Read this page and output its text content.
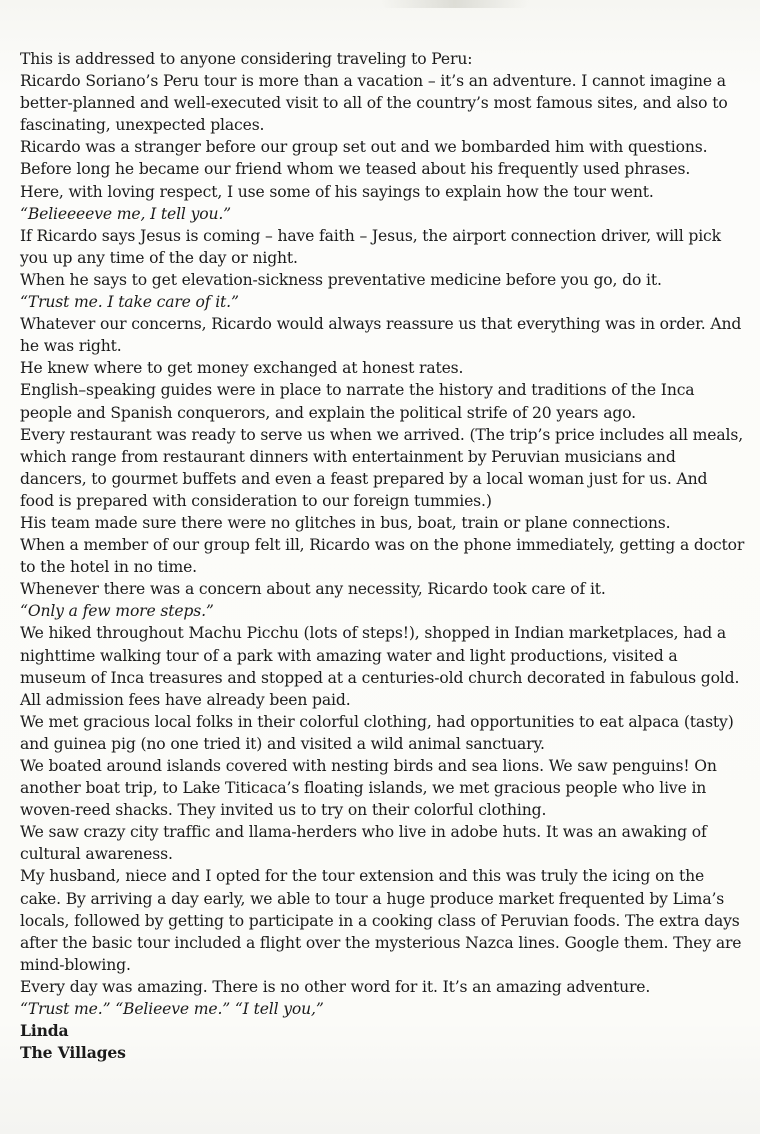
This is addressed to anyone considering traveling to Peru:

Ricardo Soriano’s Peru tour is more than a vacation – it’s an adventure. I cannot imagine a better-planned and well-executed visit to all of the country’s most famous sites, and also to fascinating, unexpected places.

Ricardo was a stranger before our group set out and we bombarded him with questions. Before long he became our friend whom we teased about his frequently used phrases.

Here, with loving respect, I use some of his sayings to explain how the tour went.

“Belieeeeve me, I tell you.”

If Ricardo says Jesus is coming – have faith – Jesus, the airport connection driver, will pick you up any time of the day or night.

When he says to get elevation-sickness preventative medicine before you go, do it.

“Trust me. I take care of it.”

Whatever our concerns, Ricardo would always reassure us that everything was in order. And he was right.

He knew where to get money exchanged at honest rates.

English–speaking guides were in place to narrate the history and traditions of the Inca people and Spanish conquerors, and explain the political strife of 20 years ago.

Every restaurant was ready to serve us when we arrived. (The trip’s price includes all meals, which range from restaurant dinners with entertainment by Peruvian musicians and dancers, to gourmet buffets and even a feast prepared by a local woman just for us. And food is prepared with consideration to our foreign tummies.)

His team made sure there were no glitches in bus, boat, train or plane connections.

When a member of our group felt ill, Ricardo was on the phone immediately, getting a doctor to the hotel in no time.

Whenever there was a concern about any necessity, Ricardo took care of it.

“Only a few more steps.”

We hiked throughout Machu Picchu (lots of steps!), shopped in Indian marketplaces, had a nighttime walking tour of a park with amazing water and light productions, visited a museum of Inca treasures and stopped at a centuries-old church decorated in fabulous gold. All admission fees have already been paid.

We met gracious local folks in their colorful clothing, had opportunities to eat alpaca (tasty) and guinea pig (no one tried it) and visited a wild animal sanctuary.

We boated around islands covered with nesting birds and sea lions. We saw penguins! On another boat trip, to Lake Titicaca’s floating islands, we met gracious people who live in woven-reed shacks. They invited us to try on their colorful clothing.

We saw crazy city traffic and llama-herders who live in adobe huts. It was an awaking of cultural awareness.

My husband, niece and I opted for the tour extension and this was truly the icing on the cake. By arriving a day early, we able to tour a huge produce market frequented by Lima’s locals, followed by getting to participate in a cooking class of Peruvian foods. The extra days after the basic tour included a flight over the mysterious Nazca lines. Google them. They are mind-blowing.

Every day was amazing. There is no other word for it. It’s an amazing adventure.

“Trust me.” “Belieeve me.” “I tell you,”

Linda

The Villages
